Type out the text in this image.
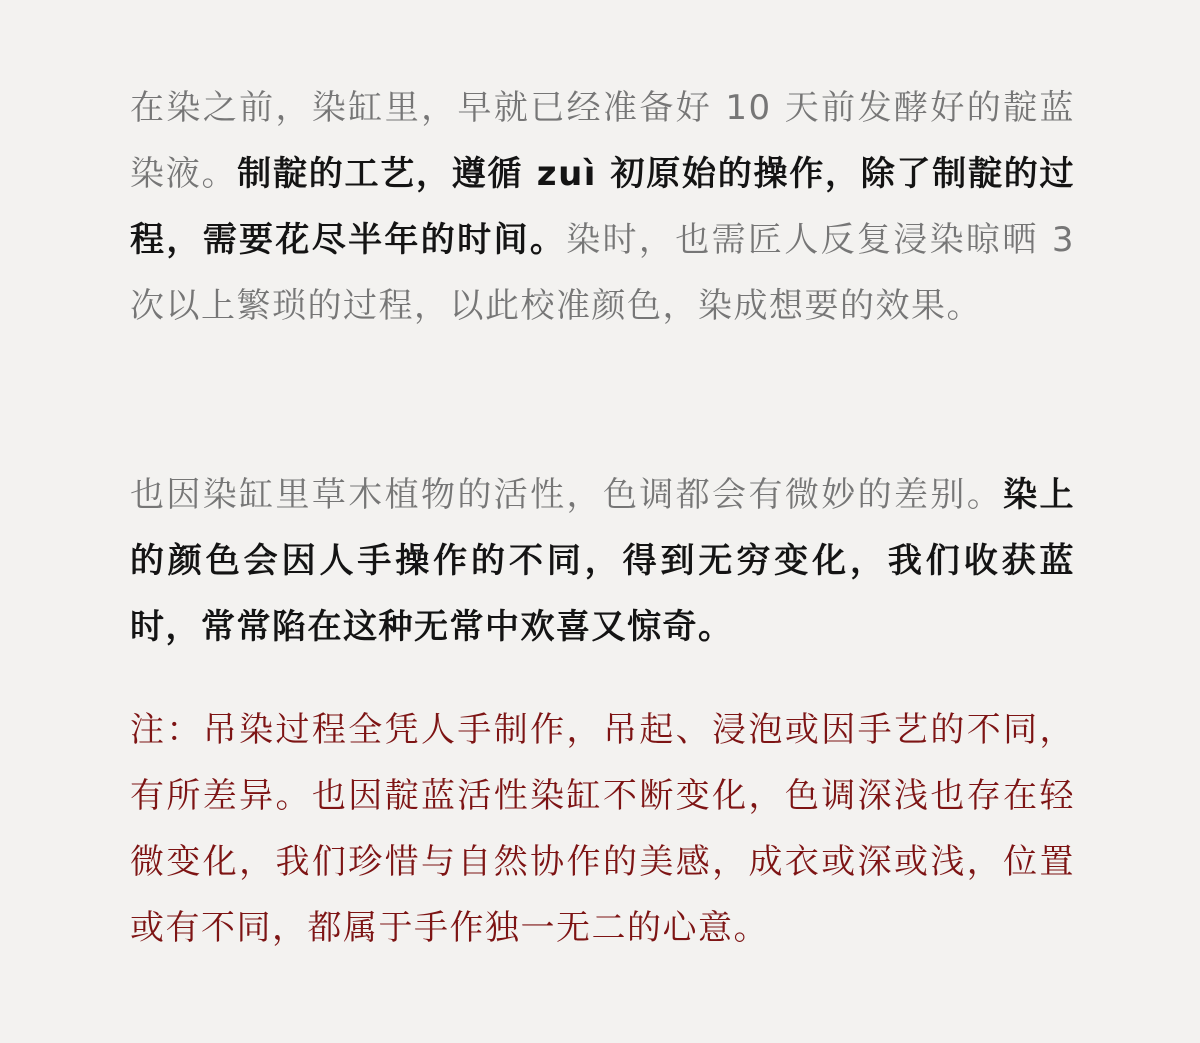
在染之前，染缸里，早就已经准备好 10 天前发酵好的靛蓝染液。制靛的工艺，遵循 zuì 初原始的操作，除了制靛的过程，需要花尽半年的时间。染时，也需匠人反复浸染晾晒 3 次以上繁琐的过程，以此校准颜色，染成想要的效果。

也因染缸里草木植物的活性，色调都会有微妙的差别。染上的颜色会因人手操作的不同，得到无穷变化，我们收获蓝时，常常陷在这种无常中欢喜又惊奇。

注：吊染过程全凭人手制作，吊起、浸泡或因手艺的不同，有所差异。也因靛蓝活性染缸不断变化，色调深浅也存在轻微变化，我们珍惜与自然协作的美感，成衣或深或浅，位置或有不同，都属于手作独一无二的心意。
